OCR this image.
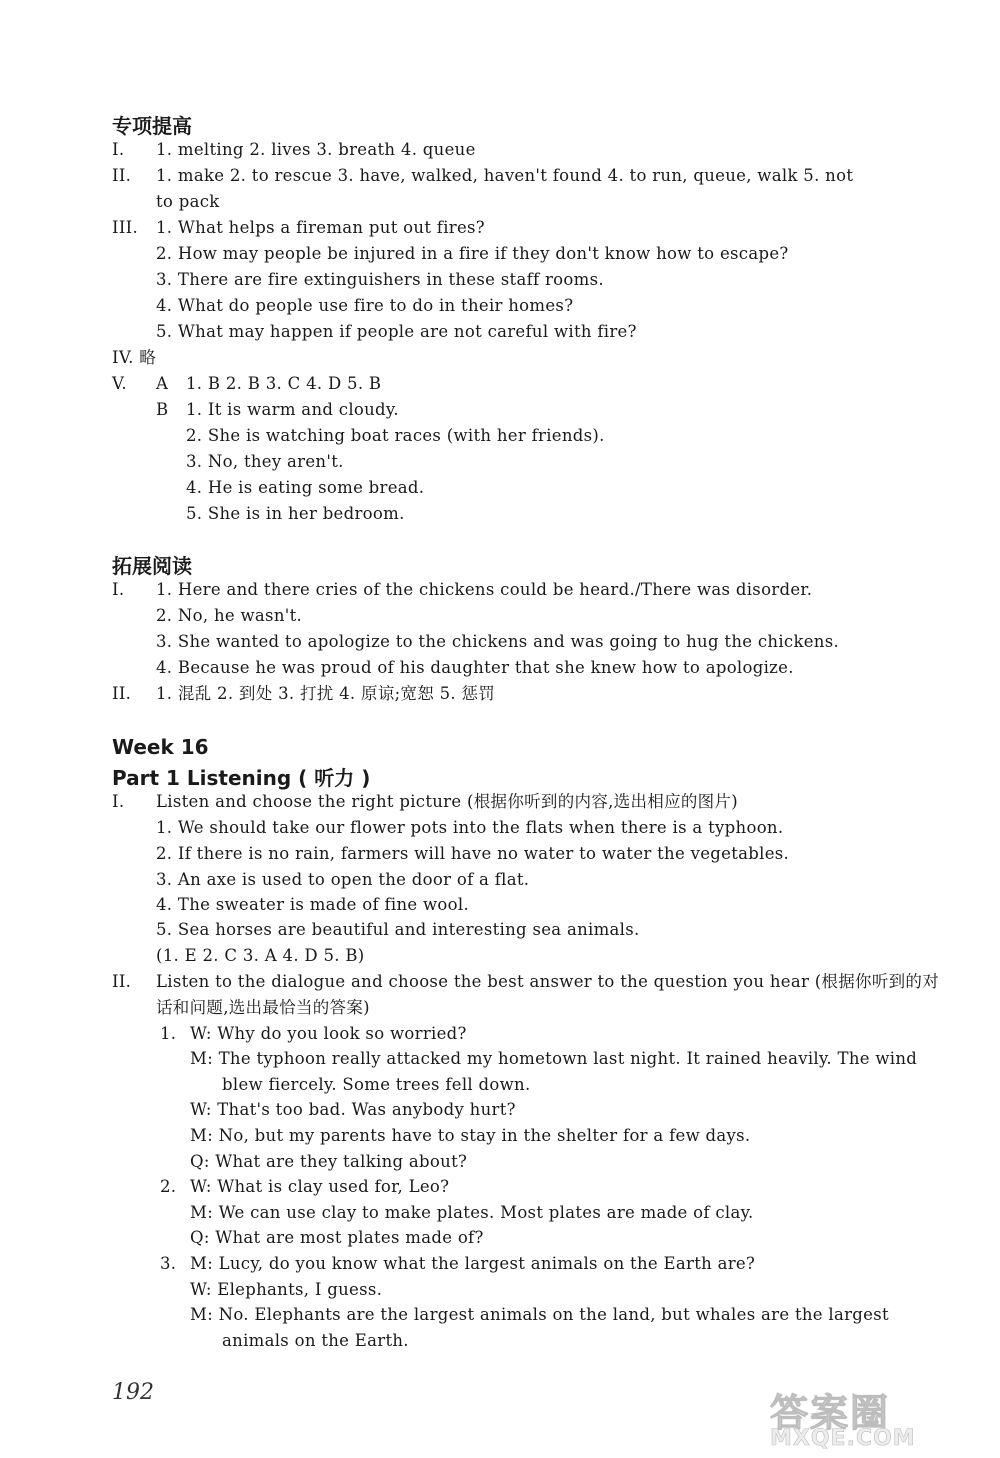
专项提高
I. 1. melting 2. lives 3. breath 4. queue
II. 1. make 2. to rescue 3. have, walked, haven't found 4. to run, queue, walk 5. not
to pack
III. 1. What helps a fireman put out fires?
2. How may people be injured in a fire if they don't know how to escape?
3. There are fire extinguishers in these staff rooms.
4. What do people use fire to do in their homes?
5. What may happen if people are not careful with fire?
IV. 略
V. A 1. B 2. B 3. C 4. D 5. B
B 1. It is warm and cloudy.
2. She is watching boat races (with her friends).
3. No, they aren't.
4. He is eating some bread.
5. She is in her bedroom.
拓展阅读
I. 1. Here and there cries of the chickens could be heard./There was disorder.
2. No, he wasn't.
3. She wanted to apologize to the chickens and was going to hug the chickens.
4. Because he was proud of his daughter that she knew how to apologize.
II. 1. 混乱 2. 到处 3. 打扰 4. 原谅;宽恕 5. 惩罚
Week 16
Part 1 Listening ( 听力 )
I. Listen and choose the right picture (根据你听到的内容,选出相应的图片)
1. We should take our flower pots into the flats when there is a typhoon.
2. If there is no rain, farmers will have no water to water the vegetables.
3. An axe is used to open the door of a flat.
4. The sweater is made of fine wool.
5. Sea horses are beautiful and interesting sea animals.
(1. E 2. C 3. A 4. D 5. B)
II. Listen to the dialogue and choose the best answer to the question you hear (根据你听到的对
话和问题,选出最恰当的答案)
1. W: Why do you look so worried?
M: The typhoon really attacked my hometown last night. It rained heavily. The wind
blew fiercely. Some trees fell down.
W: That's too bad. Was anybody hurt?
M: No, but my parents have to stay in the shelter for a few days.
Q: What are they talking about?
2. W: What is clay used for, Leo?
M: We can use clay to make plates. Most plates are made of clay.
Q: What are most plates made of?
3. M: Lucy, do you know what the largest animals on the Earth are?
W: Elephants, I guess.
M: No. Elephants are the largest animals on the land, but whales are the largest
animals on the Earth.
192	答案圈
MXQE.COM
